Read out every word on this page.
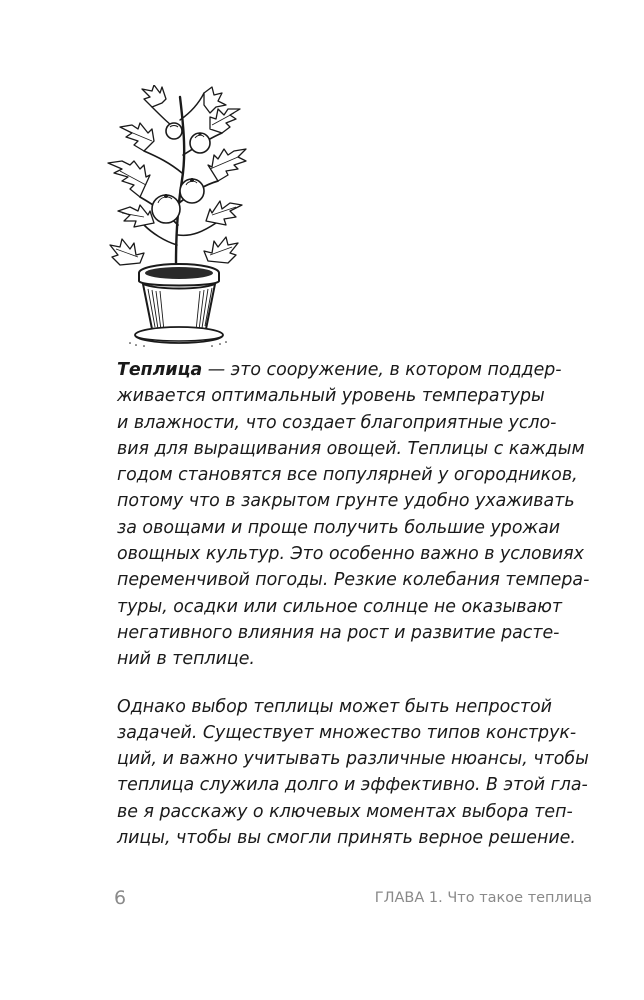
Теплица — это сооружение, в котором поддер-
живается оптимальный уровень температуры
и влажности, что создает благоприятные усло-
вия для выращивания овощей. Теплицы с каждым
годом становятся все популярней у огородников,
потому что в закрытом грунте удобно ухаживать
за овощами и проще получить большие урожаи
овощных культур. Это особенно важно в условиях
переменчивой погоды. Резкие колебания темпера-
туры, осадки или сильное солнце не оказывают
негативного влияния на рост и развитие расте-
ний в теплице.

Однако выбор теплицы может быть непростой
задачей. Существует множество типов конструк-
ций, и важно учитывать различные нюансы, чтобы
теплица служила долго и эффективно. В этой гла-
ве я расскажу о ключевых моментах выбора теп-
лицы, чтобы вы смогли принять верное решение.

6	ГЛАВА 1. Что такое теплица
